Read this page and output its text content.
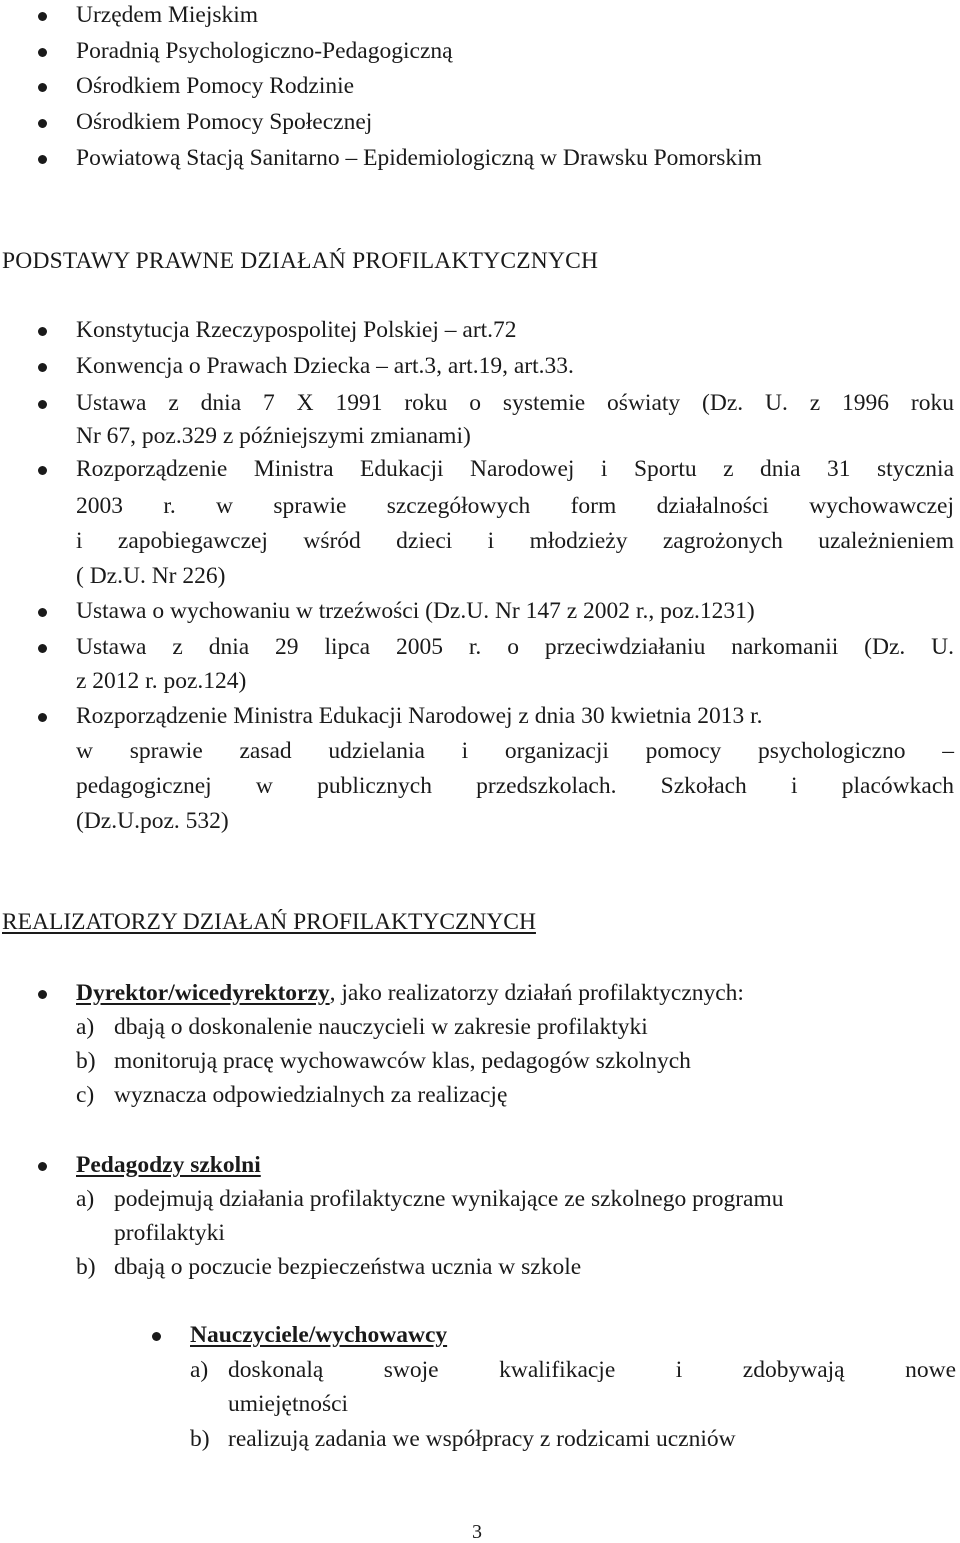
Urzędem Miejskim
Poradnią Psychologiczno-Pedagogiczną
Ośrodkiem Pomocy Rodzinie
Ośrodkiem Pomocy Społecznej
Powiatową Stacją Sanitarno – Epidemiologiczną w Drawsku Pomorskim
PODSTAWY PRAWNE DZIAŁAŃ PROFILAKTYCZNYCH
Konstytucja Rzeczypospolitej Polskiej – art.72
Konwencja o Prawach Dziecka – art.3, art.19, art.33.
Ustawa z dnia 7 X 1991 roku o systemie oświaty (Dz. U. z 1996 roku
Nr 67, poz.329 z późniejszymi zmianami)
Rozporządzenie Ministra Edukacji Narodowej i Sportu z dnia 31 stycznia
2003 r. w sprawie szczegółowych form działalności wychowawczej
i zapobiegawczej wśród dzieci i młodzieży zagrożonych uzależnieniem
( Dz.U. Nr 226)
Ustawa o wychowaniu w trzeźwości (Dz.U. Nr 147 z 2002 r., poz.1231)
Ustawa z dnia 29 lipca 2005 r. o przeciwdziałaniu narkomanii (Dz. U.
z 2012 r. poz.124)
Rozporządzenie Ministra Edukacji Narodowej z dnia 30 kwietnia 2013 r.
w sprawie zasad udzielania i organizacji pomocy psychologiczno –
pedagogicznej w publicznych przedszkolach. Szkołach i placówkach
(Dz.U.poz. 532)
REALIZATORZY DZIAŁAŃ PROFILAKTYCZNYCH
Dyrektor/wicedyrektorzy, jako realizatorzy działań profilaktycznych:
a) dbają o doskonalenie nauczycieli w zakresie profilaktyki
b) monitorują pracę wychowawców klas, pedagogów szkolnych
c) wyznacza odpowiedzialnych za realizację
Pedagodzy szkolni
a) podejmują działania profilaktyczne wynikające ze szkolnego programu
profilaktyki
b) dbają o poczucie bezpieczeństwa ucznia w szkole
Nauczyciele/wychowawcy
a) doskonalą swoje kwalifikacje i zdobywają nowe
umiejętności
b) realizują zadania we współpracy z rodzicami uczniów
3
